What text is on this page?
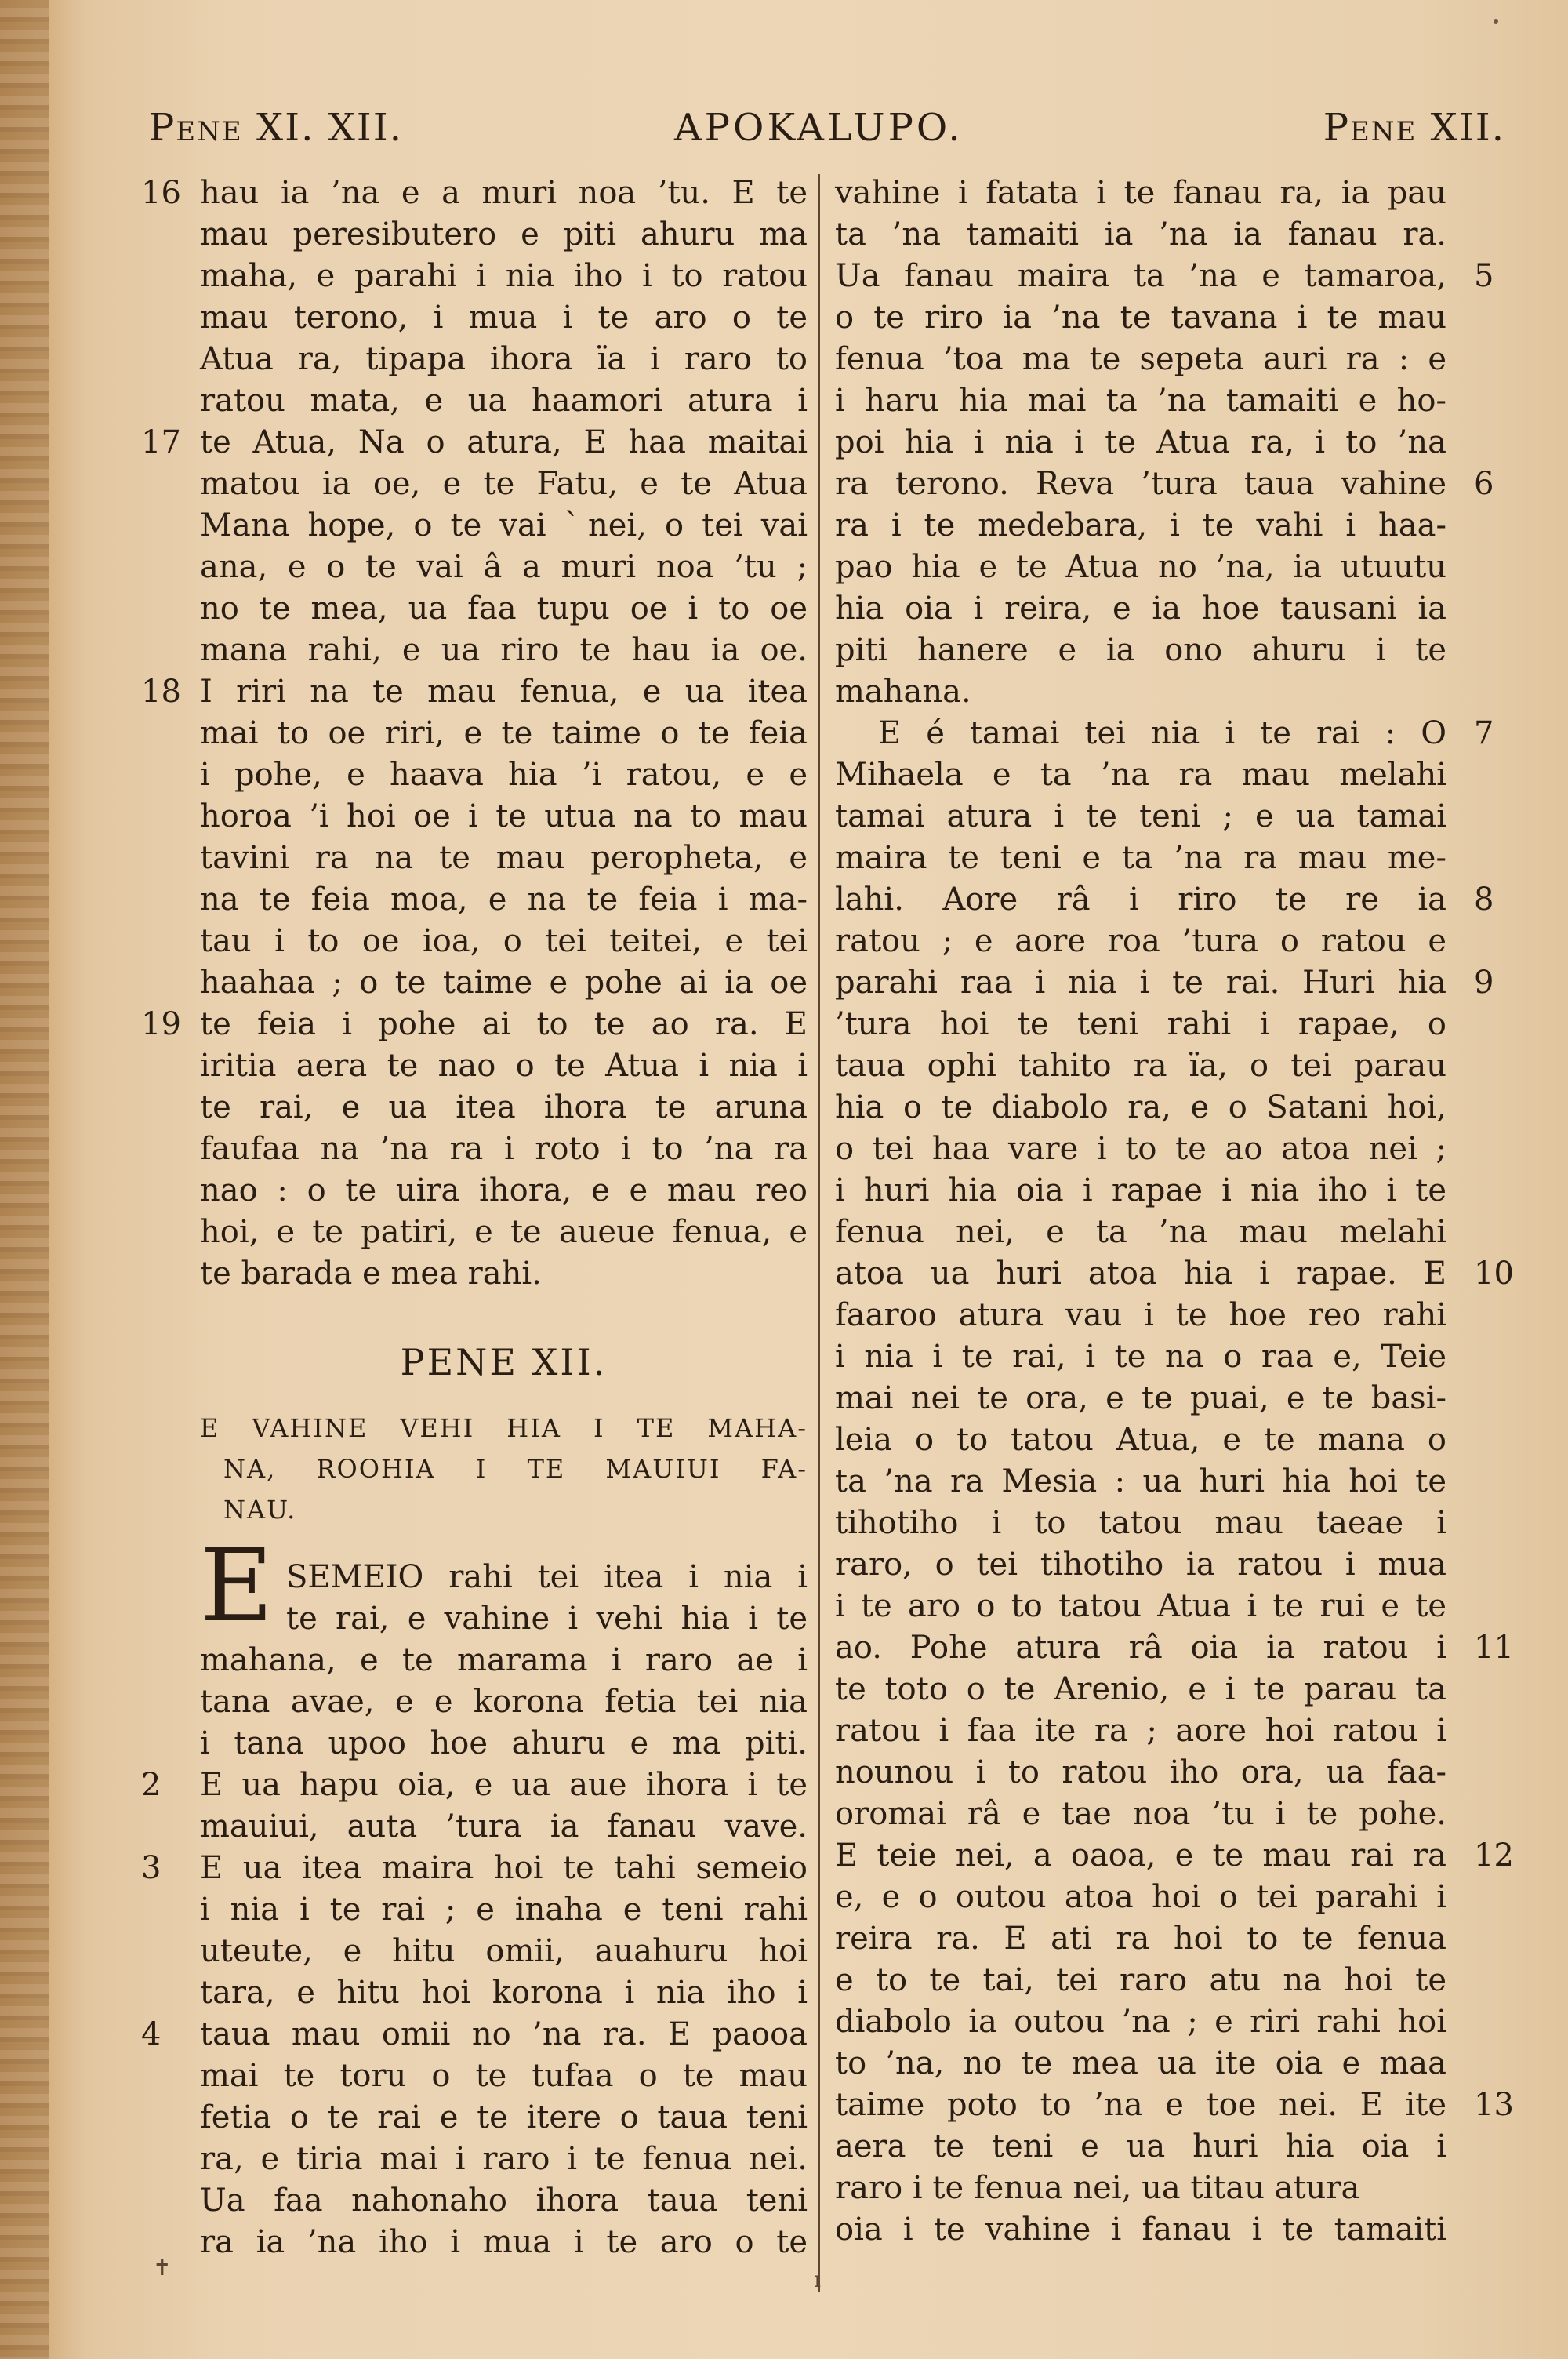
Pene XI. XII.	APOKALUPO.	Pene XII.
hau ia ’na e a muri noa ’tu. E te
mau peresibutero e piti ahuru ma
maha, e parahi i nia iho i to ratou
mau terono, i mua i te aro o te
Atua ra, tipapa ihora ïa i raro to
ratou mata, e ua haamori atura i
te Atua, Na o atura, E haa maitai
matou ia oe, e te Fatu, e te Atua
Mana hope, o te vai ˋnei, o tei vai
ana, e o te vai â a muri noa ’tu ;
no te mea, ua faa tupu oe i to oe
mana rahi, e ua riro te hau ia oe.
I riri na te mau fenua, e ua itea
mai to oe riri, e te taime o te feia
i pohe, e haava hia ’i ratou, e e
horoa ’i hoi oe i te utua na to mau
tavini ra na te mau peropheta, e
na te feia moa, e na te feia i ma-
tau i to oe ioa, o tei teitei, e tei
haahaa ; o te taime e pohe ai ia oe
te feia i pohe ai to te ao ra. E
iritia aera te nao o te Atua i nia i
te rai, e ua itea ihora te aruna
faufaa na ’na ra i roto i to ’na ra
nao : o te uira ihora, e e mau reo
hoi, e te patiri, e te aueue fenua, e
te barada e mea rahi.
16
17
18
19
PENE XII.
E VAHINE VEHI HIA I TE MAHA-
NA, ROOHIA I TE MAUIUI FA-
NAU.
E SEMEIO rahi tei itea i nia i
te rai, e vahine i vehi hia i te
mahana, e te marama i raro ae i
tana avae, e e korona fetia tei nia
i tana upoo hoe ahuru e ma piti.
E ua hapu oia, e ua aue ihora i te
mauiui, auta ’tura ia fanau vave.
E ua itea maira hoi te tahi semeio
i nia i te rai ; e inaha e teni rahi
uteute, e hitu omii, auahuru hoi
tara, e hitu hoi korona i nia iho i
taua mau omii no ’na ra. E paooa
mai te toru o te tufaa o te mau
fetia o te rai e te itere o taua teni
ra, e tiria mai i raro i te fenua nei.
Ua faa nahonaho ihora taua teni
ra ia ’na iho i mua i te aro o te
2
3
4
vahine i fatata i te fanau ra, ia pau
ta ’na tamaiti ia ’na ia fanau ra.
Ua fanau maira ta ’na e tamaroa,
o te riro ia ’na te tavana i te mau
fenua ’toa ma te sepeta auri ra : e
i haru hia mai ta ’na tamaiti e ho-
poi hia i nia i te Atua ra, i to ’na
ra terono. Reva ’tura taua vahine
ra i te medebara, i te vahi i haa-
pao hia e te Atua no ’na, ia utuutu
hia oia i reira, e ia hoe tausani ia
piti hanere e ia ono ahuru i te
mahana.
E é tamai tei nia i te rai : O
Mihaela e ta ’na ra mau melahi
tamai atura i te teni ; e ua tamai
maira te teni e ta ’na ra mau me-
lahi. Aore râ i riro te re ia
ratou ; e aore roa ’tura o ratou e
parahi raa i nia i te rai. Huri hia
’tura hoi te teni rahi i rapae, o
taua ophi tahito ra ïa, o tei parau
hia o te diabolo ra, e o Satani hoi,
o tei haa vare i to te ao atoa nei ;
i huri hia oia i rapae i nia iho i te
fenua nei, e ta ’na mau melahi
atoa ua huri atoa hia i rapae. E
faaroo atura vau i te hoe reo rahi
i nia i te rai, i te na o raa e, Teie
mai nei te ora, e te puai, e te basi-
leia o to tatou Atua, e te mana o
ta ’na ra Mesia : ua huri hia hoi te
tihotiho i to tatou mau taeae i
raro, o tei tihotiho ia ratou i mua
i te aro o to tatou Atua i te rui e te
ao. Pohe atura râ oia ia ratou i
te toto o te Arenio, e i te parau ta
ratou i faa ite ra ; aore hoi ratou i
nounou i to ratou iho ora, ua faa-
oromai râ e tae noa ’tu i te pohe.
E teie nei, a oaoa, e te mau rai ra
e, e o outou atoa hoi o tei parahi i
reira ra. E ati ra hoi to te fenua
e to te tai, tei raro atu na hoi te
diabolo ia outou ’na ; e riri rahi hoi
to ’na, no te mea ua ite oia e maa
taime poto to ’na e toe nei. E ite
aera te teni e ua huri hia oia i
raro i te fenua nei, ua titau atura
oia i te vahine i fanau i te tamaiti
5
6
7
8
9
10
11
12
13
✝	ı
